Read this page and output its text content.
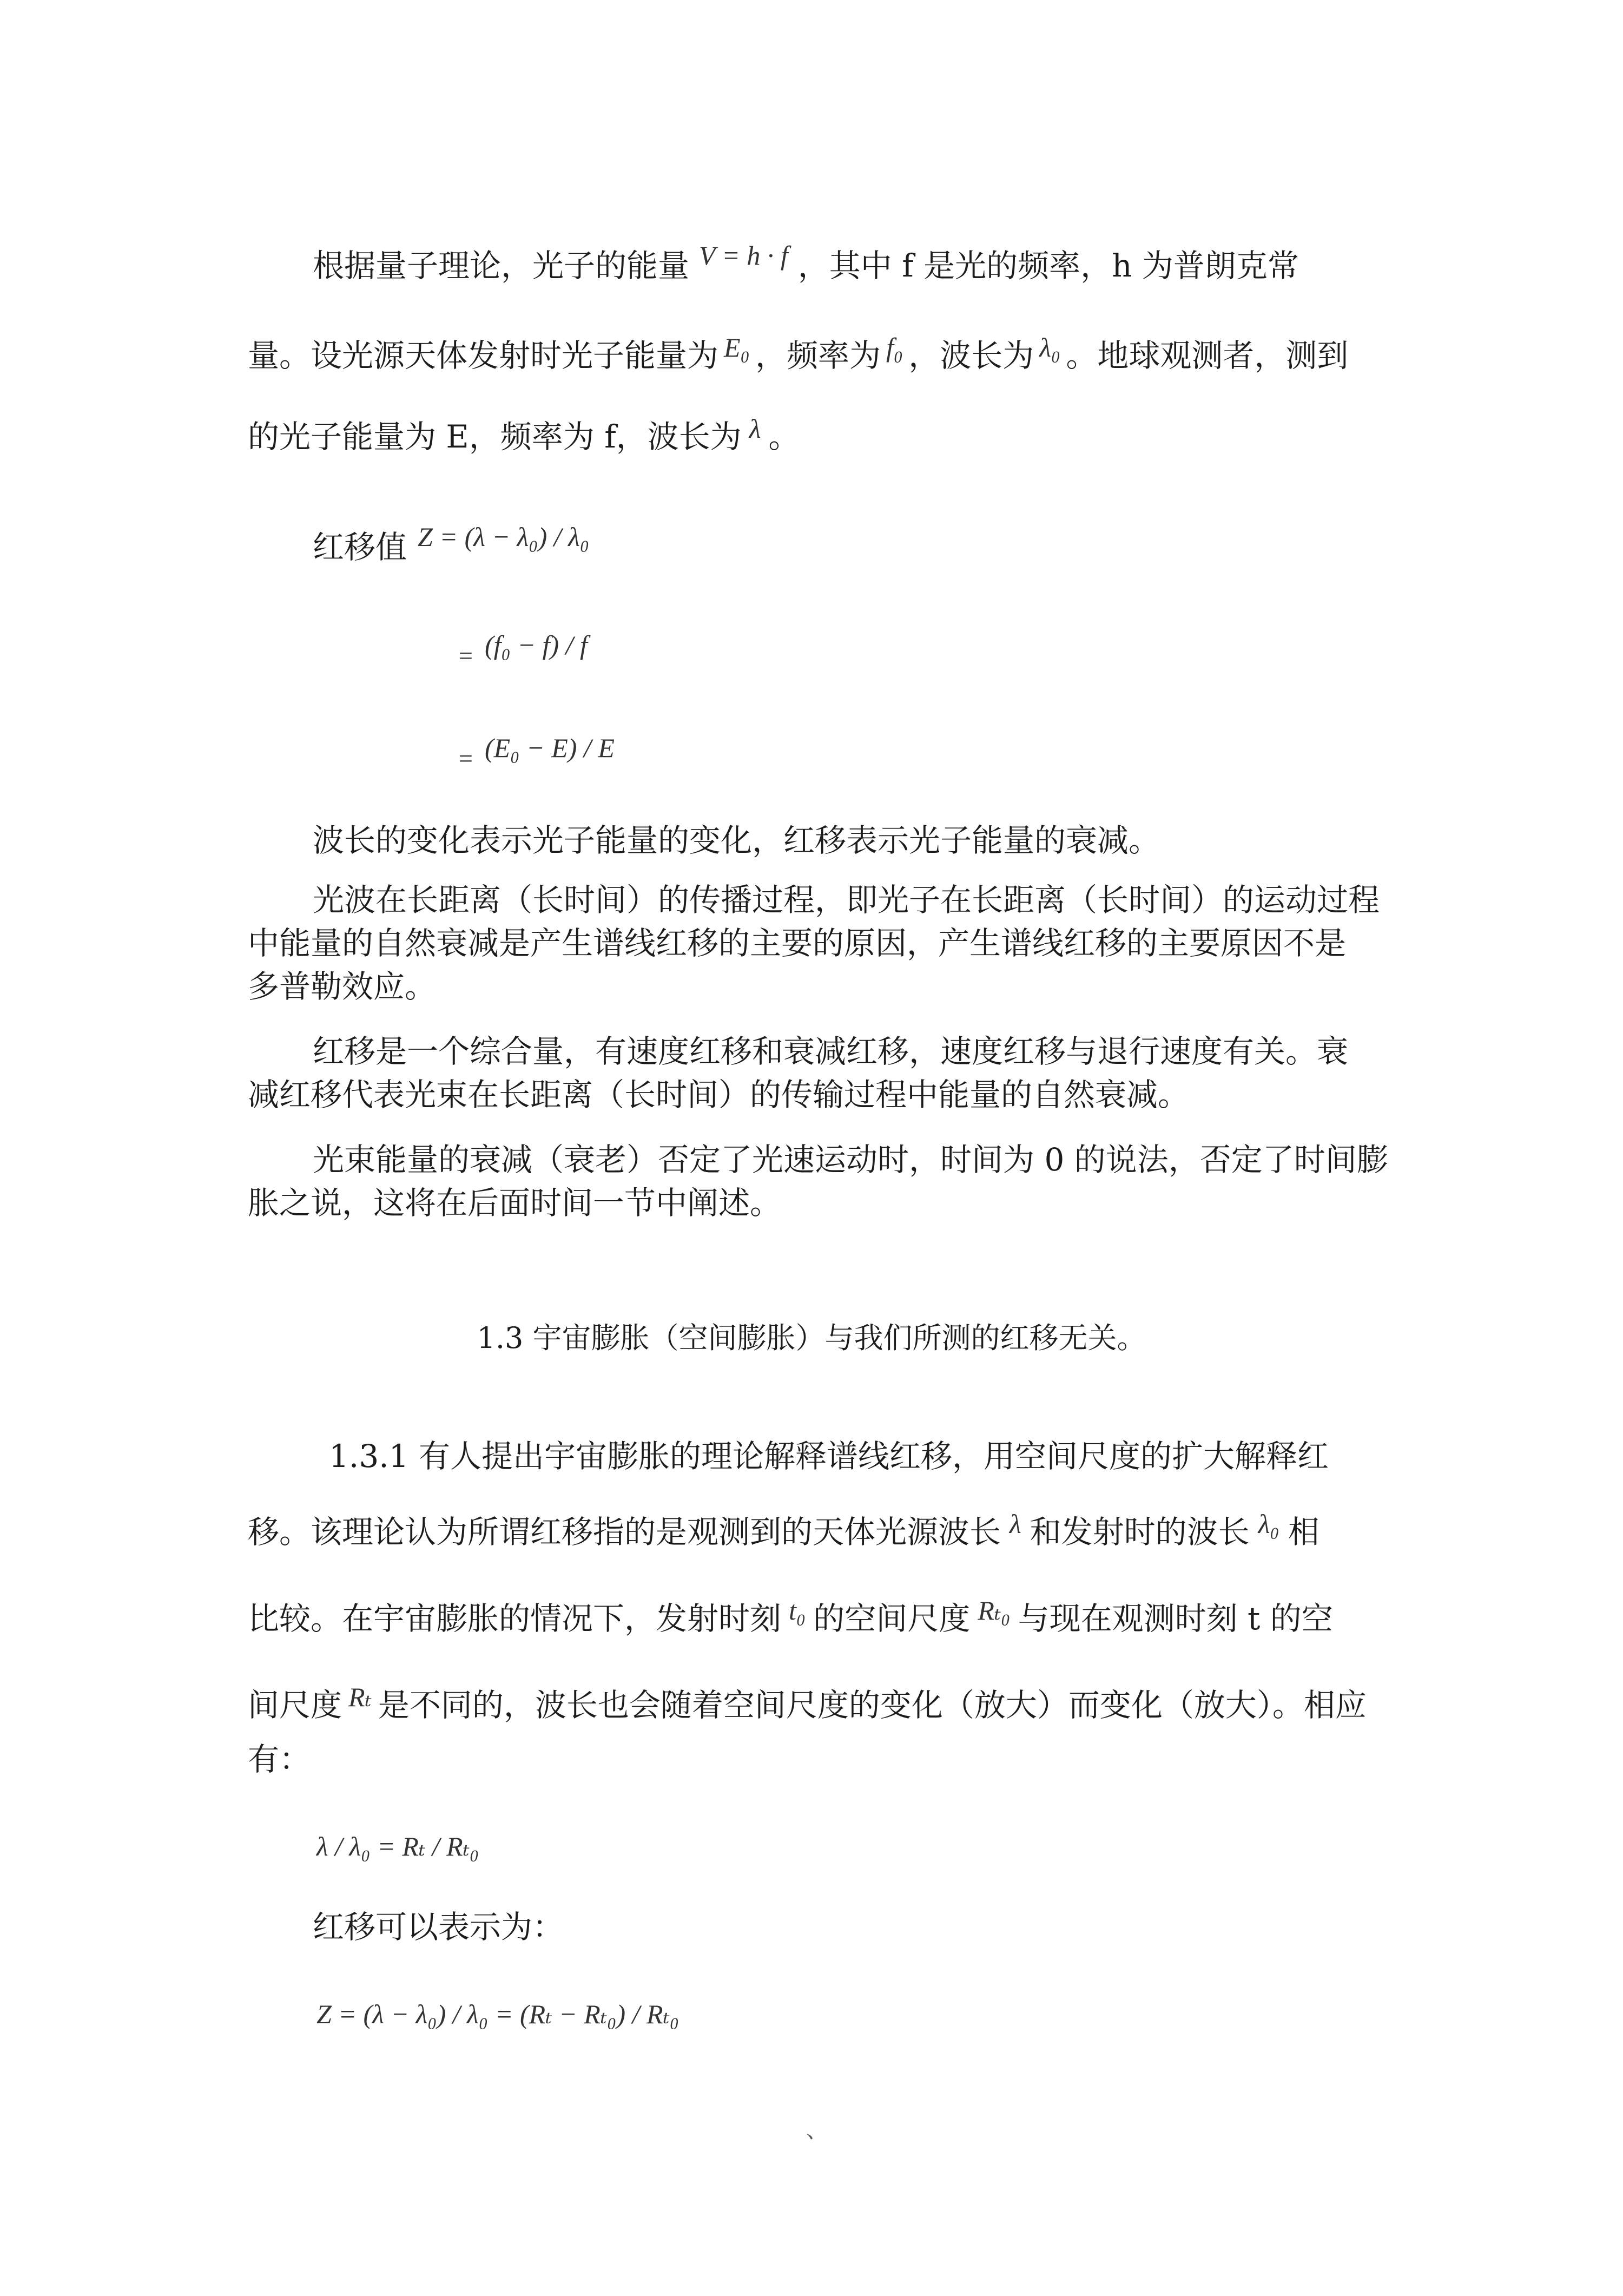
根据量子理论，光子的能量 V = h · f ，其中 f 是光的频率，h 为普朗克常
量。设光源天体发射时光子能量为 E₀ ，频率为 f₀ ，波长为 λ₀ 。地球观测者，测到
的光子能量为 E，频率为 f，波长为 λ 。
红移值 Z = (λ − λ₀) / λ₀
$_=$ (f₀ − f) / f
$_=$ (E₀ − E) / E
波长的变化表示光子能量的变化，红移表示光子能量的衰减。
光波在长距离（长时间）的传播过程，即光子在长距离（长时间）的运动过程
中能量的自然衰减是产生谱线红移的主要的原因，产生谱线红移的主要原因不是
多普勒效应。
红移是一个综合量，有速度红移和衰减红移，速度红移与退行速度有关。衰
减红移代表光束在长距离（长时间）的传输过程中能量的自然衰减。
光束能量的衰减（衰老）否定了光速运动时，时间为 0 的说法，否定了时间膨
胀之说，这将在后面时间一节中阐述。
1.3 宇宙膨胀（空间膨胀）与我们所测的红移无关。
1.3.1 有人提出宇宙膨胀的理论解释谱线红移，用空间尺度的扩大解释红
移。该理论认为所谓红移指的是观测到的天体光源波长 λ 和发射时的波长 λ₀ 相
比较。在宇宙膨胀的情况下，发射时刻 t₀ 的空间尺度 Rₜ₀ 与现在观测时刻 t 的空
间尺度 Rₜ 是不同的，波长也会随着空间尺度的变化（放大）而变化（放大）。相应
有：
λ / λ₀ = Rₜ / Rₜ₀
红移可以表示为：
Z = (λ − λ₀) / λ₀ = (Rₜ − Rₜ₀) / Rₜ₀
、
